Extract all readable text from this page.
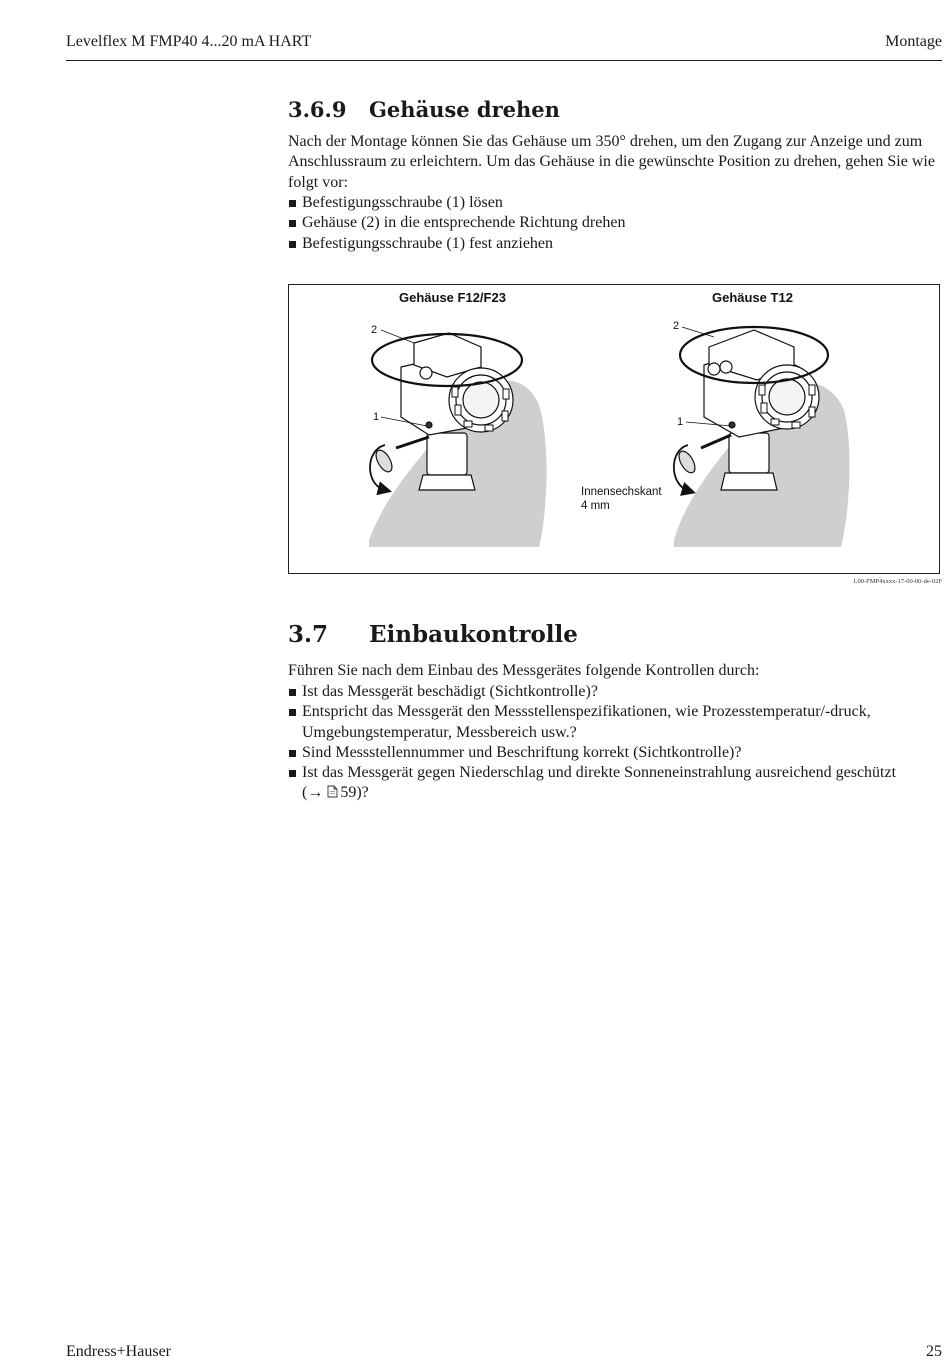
Levelflex M FMP40 4...20 mA HART	Montage
3.6.9 Gehäuse drehen

Nach der Montage können Sie das Gehäuse um 350° drehen, um den Zugang zur Anzeige und zum Anschlussraum zu erleichtern. Um das Gehäuse in die gewünschte Position zu drehen, gehen Sie wie folgt vor:

Befestigungsschraube (1) lösen
Gehäuse (2) in die entsprechende Richtung drehen
Befestigungsschraube (1) fest anziehen
3.7 Einbaukontrolle

Führen Sie nach dem Einbau des Messgerätes folgende Kontrollen durch:

Ist das Messgerät beschädigt (Sichtkontrolle)?
Entspricht das Messgerät den Messstellenspezifikationen, wie Prozesstemperatur/-druck, Umgebungstemperatur, Messbereich usw.?
Sind Messstellennummer und Beschriftung korrekt (Sichtkontrolle)?
Ist das Messgerät gegen Niederschlag und direkte Sonneneinstrahlung ausreichend geschützt
(→ 59)?
Gehäuse F12/F23
2
1
Gehäuse T12
2
1
Innensechskant
4 mm
L00-FMP4xxxx-17-00-00-de-02F
Endress+Hauser	25
